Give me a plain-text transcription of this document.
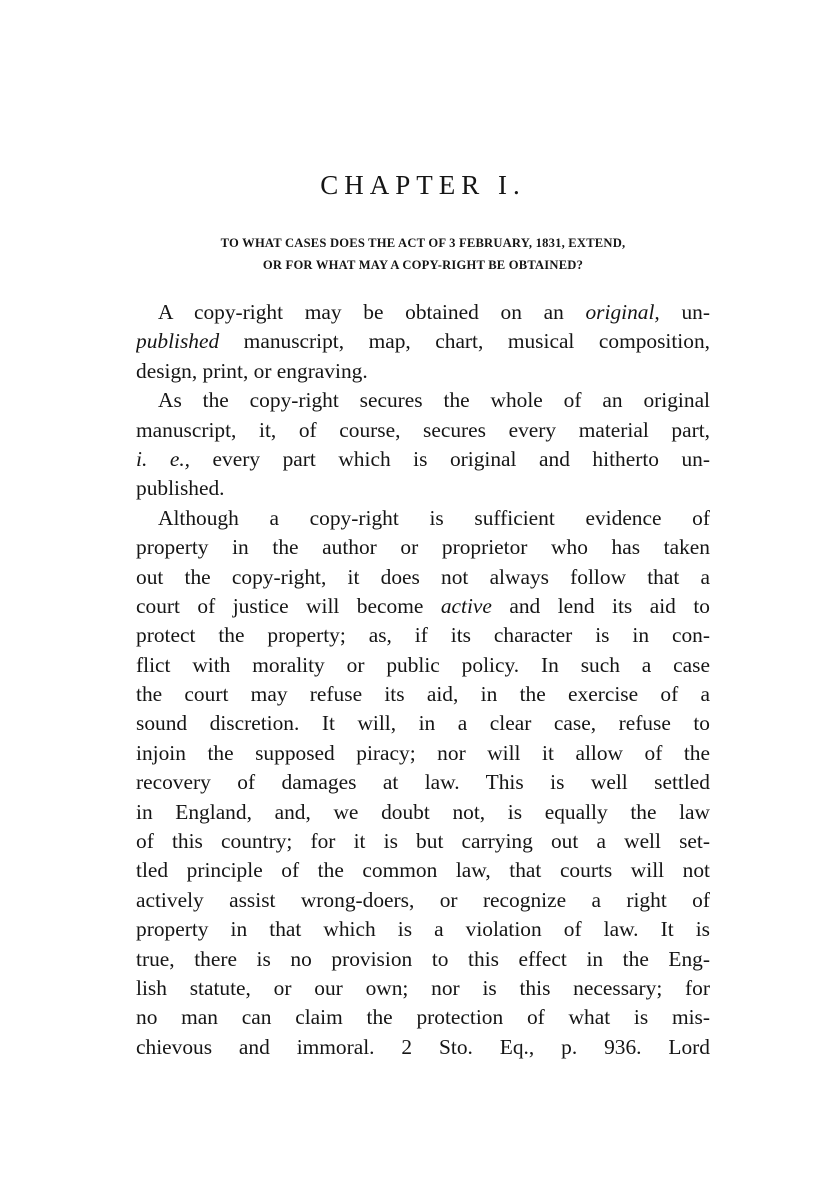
CHAPTER I.
TO WHAT CASES DOES THE ACT OF 3 FEBRUARY, 1831, EXTEND,
OR FOR WHAT MAY A COPY-RIGHT BE OBTAINED?

A copy-right may be obtained on an original, un-
published manuscript, map, chart, musical composition,
design, print, or engraving.

As the copy-right secures the whole of an original
manuscript, it, of course, secures every material part,
i. e., every part which is original and hitherto un-
published.

Although a copy-right is sufficient evidence of
property in the author or proprietor who has taken
out the copy-right, it does not always follow that a
court of justice will become active and lend its aid to
protect the property; as, if its character is in con-
flict with morality or public policy. In such a case
the court may refuse its aid, in the exercise of a
sound discretion. It will, in a clear case, refuse to
injoin the supposed piracy; nor will it allow of the
recovery of damages at law. This is well settled
in England, and, we doubt not, is equally the law
of this country; for it is but carrying out a well set-
tled principle of the common law, that courts will not
actively assist wrong-doers, or recognize a right of
property in that which is a violation of law. It is
true, there is no provision to this effect in the Eng-
lish statute, or our own; nor is this necessary; for
no man can claim the protection of what is mis-
chievous and immoral. 2 Sto. Eq., p. 936. Lord
